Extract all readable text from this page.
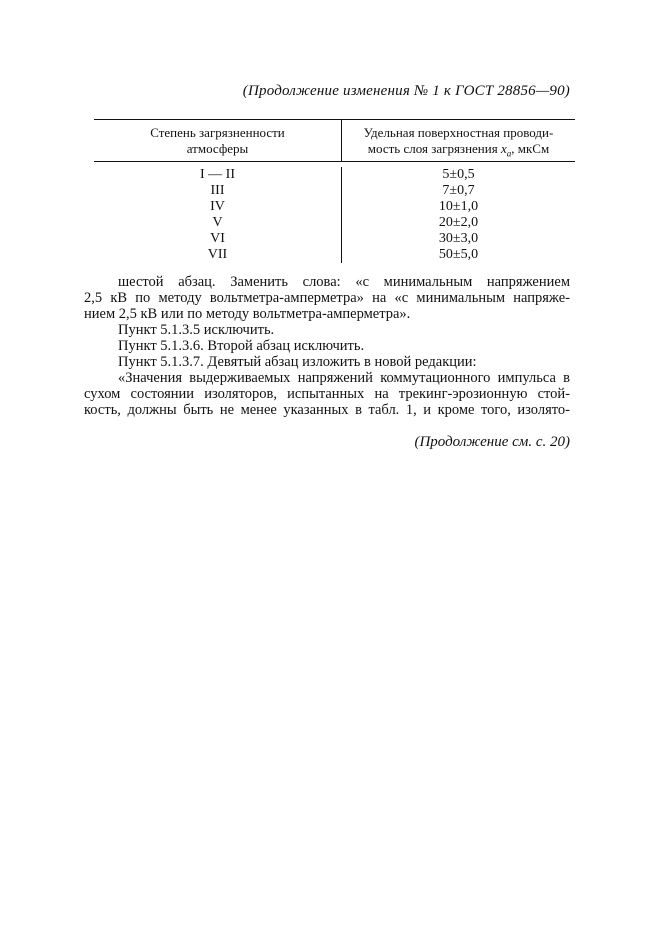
(Продолжение изменения № 1 к ГОСТ 28856—90)
Степень загрязненности
атмосферы
Удельная поверхностная проводи-
мость слоя загрязнения $x_a$, мкСм
I — II
III
IV
V
VI
VII
5±0,5
7±0,7
10±1,0
20±2,0
30±3,0
50±5,0
шестой абзац. Заменить слова: «с минимальным напряжением
2,5 кВ по методу вольтметра-амперметра» на «с минимальным напряже-
нием 2,5 кВ или по методу вольтметра-амперметра».
Пункт 5.1.3.5 исключить.
Пункт 5.1.3.6. Второй абзац исключить.
Пункт 5.1.3.7. Девятый абзац изложить в новой редакции:
«Значения выдерживаемых напряжений коммутационного импульса в
сухом состоянии изоляторов, испытанных на трекинг-эрозионную стой-
кость, должны быть не менее указанных в табл. 1, и кроме того, изолято-
(Продолжение см. с. 20)
